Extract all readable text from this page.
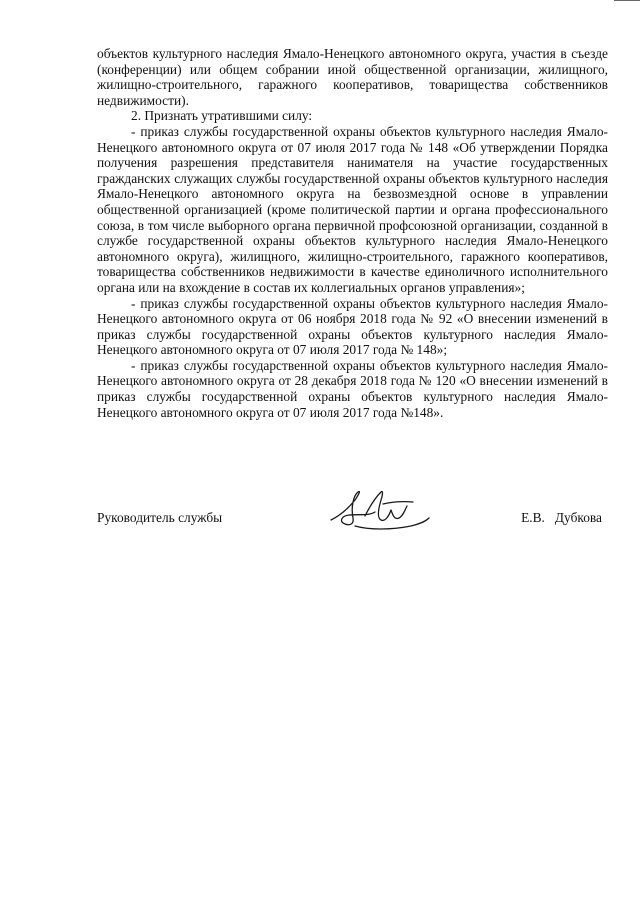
объектов культурного наследия Ямало-Ненецкого автономного округа, участия в съезде (конференции) или общем собрании иной общественной организации, жилищного, жилищно-строительного, гаражного кооперативов, товарищества собственников недвижимости).

2. Признать утратившими силу:

- приказ службы государственной охраны объектов культурного наследия Ямало-Ненецкого автономного округа от 07 июля 2017 года № 148 «Об утверждении Порядка получения разрешения представителя нанимателя на участие государственных гражданских служащих службы государственной охраны объектов культурного наследия Ямало-Ненецкого автономного округа на безвозмездной основе в управлении общественной организацией (кроме политической партии и органа профессионального союза, в том числе выборного органа первичной профсоюзной организации, созданной в службе государственной охраны объектов культурного наследия Ямало-Ненецкого автономного округа), жилищного, жилищно-строительного, гаражного кооперативов, товарищества собственников недвижимости в качестве единоличного исполнительного органа или на вхождение в состав их коллегиальных органов управления»;

- приказ службы государственной охраны объектов культурного наследия Ямало-Ненецкого автономного округа от 06 ноября 2018 года № 92 «О внесении изменений в приказ службы государственной охраны объектов культурного наследия Ямало-Ненецкого автономного округа от 07 июля 2017 года № 148»;

- приказ службы государственной охраны объектов культурного наследия Ямало-Ненецкого автономного округа от 28 декабря 2018 года № 120 «О внесении изменений в приказ службы государственной охраны объектов культурного наследия Ямало-Ненецкого автономного округа от 07 июля 2017 года №148».

Руководитель службы	Е.В.   Дубкова
